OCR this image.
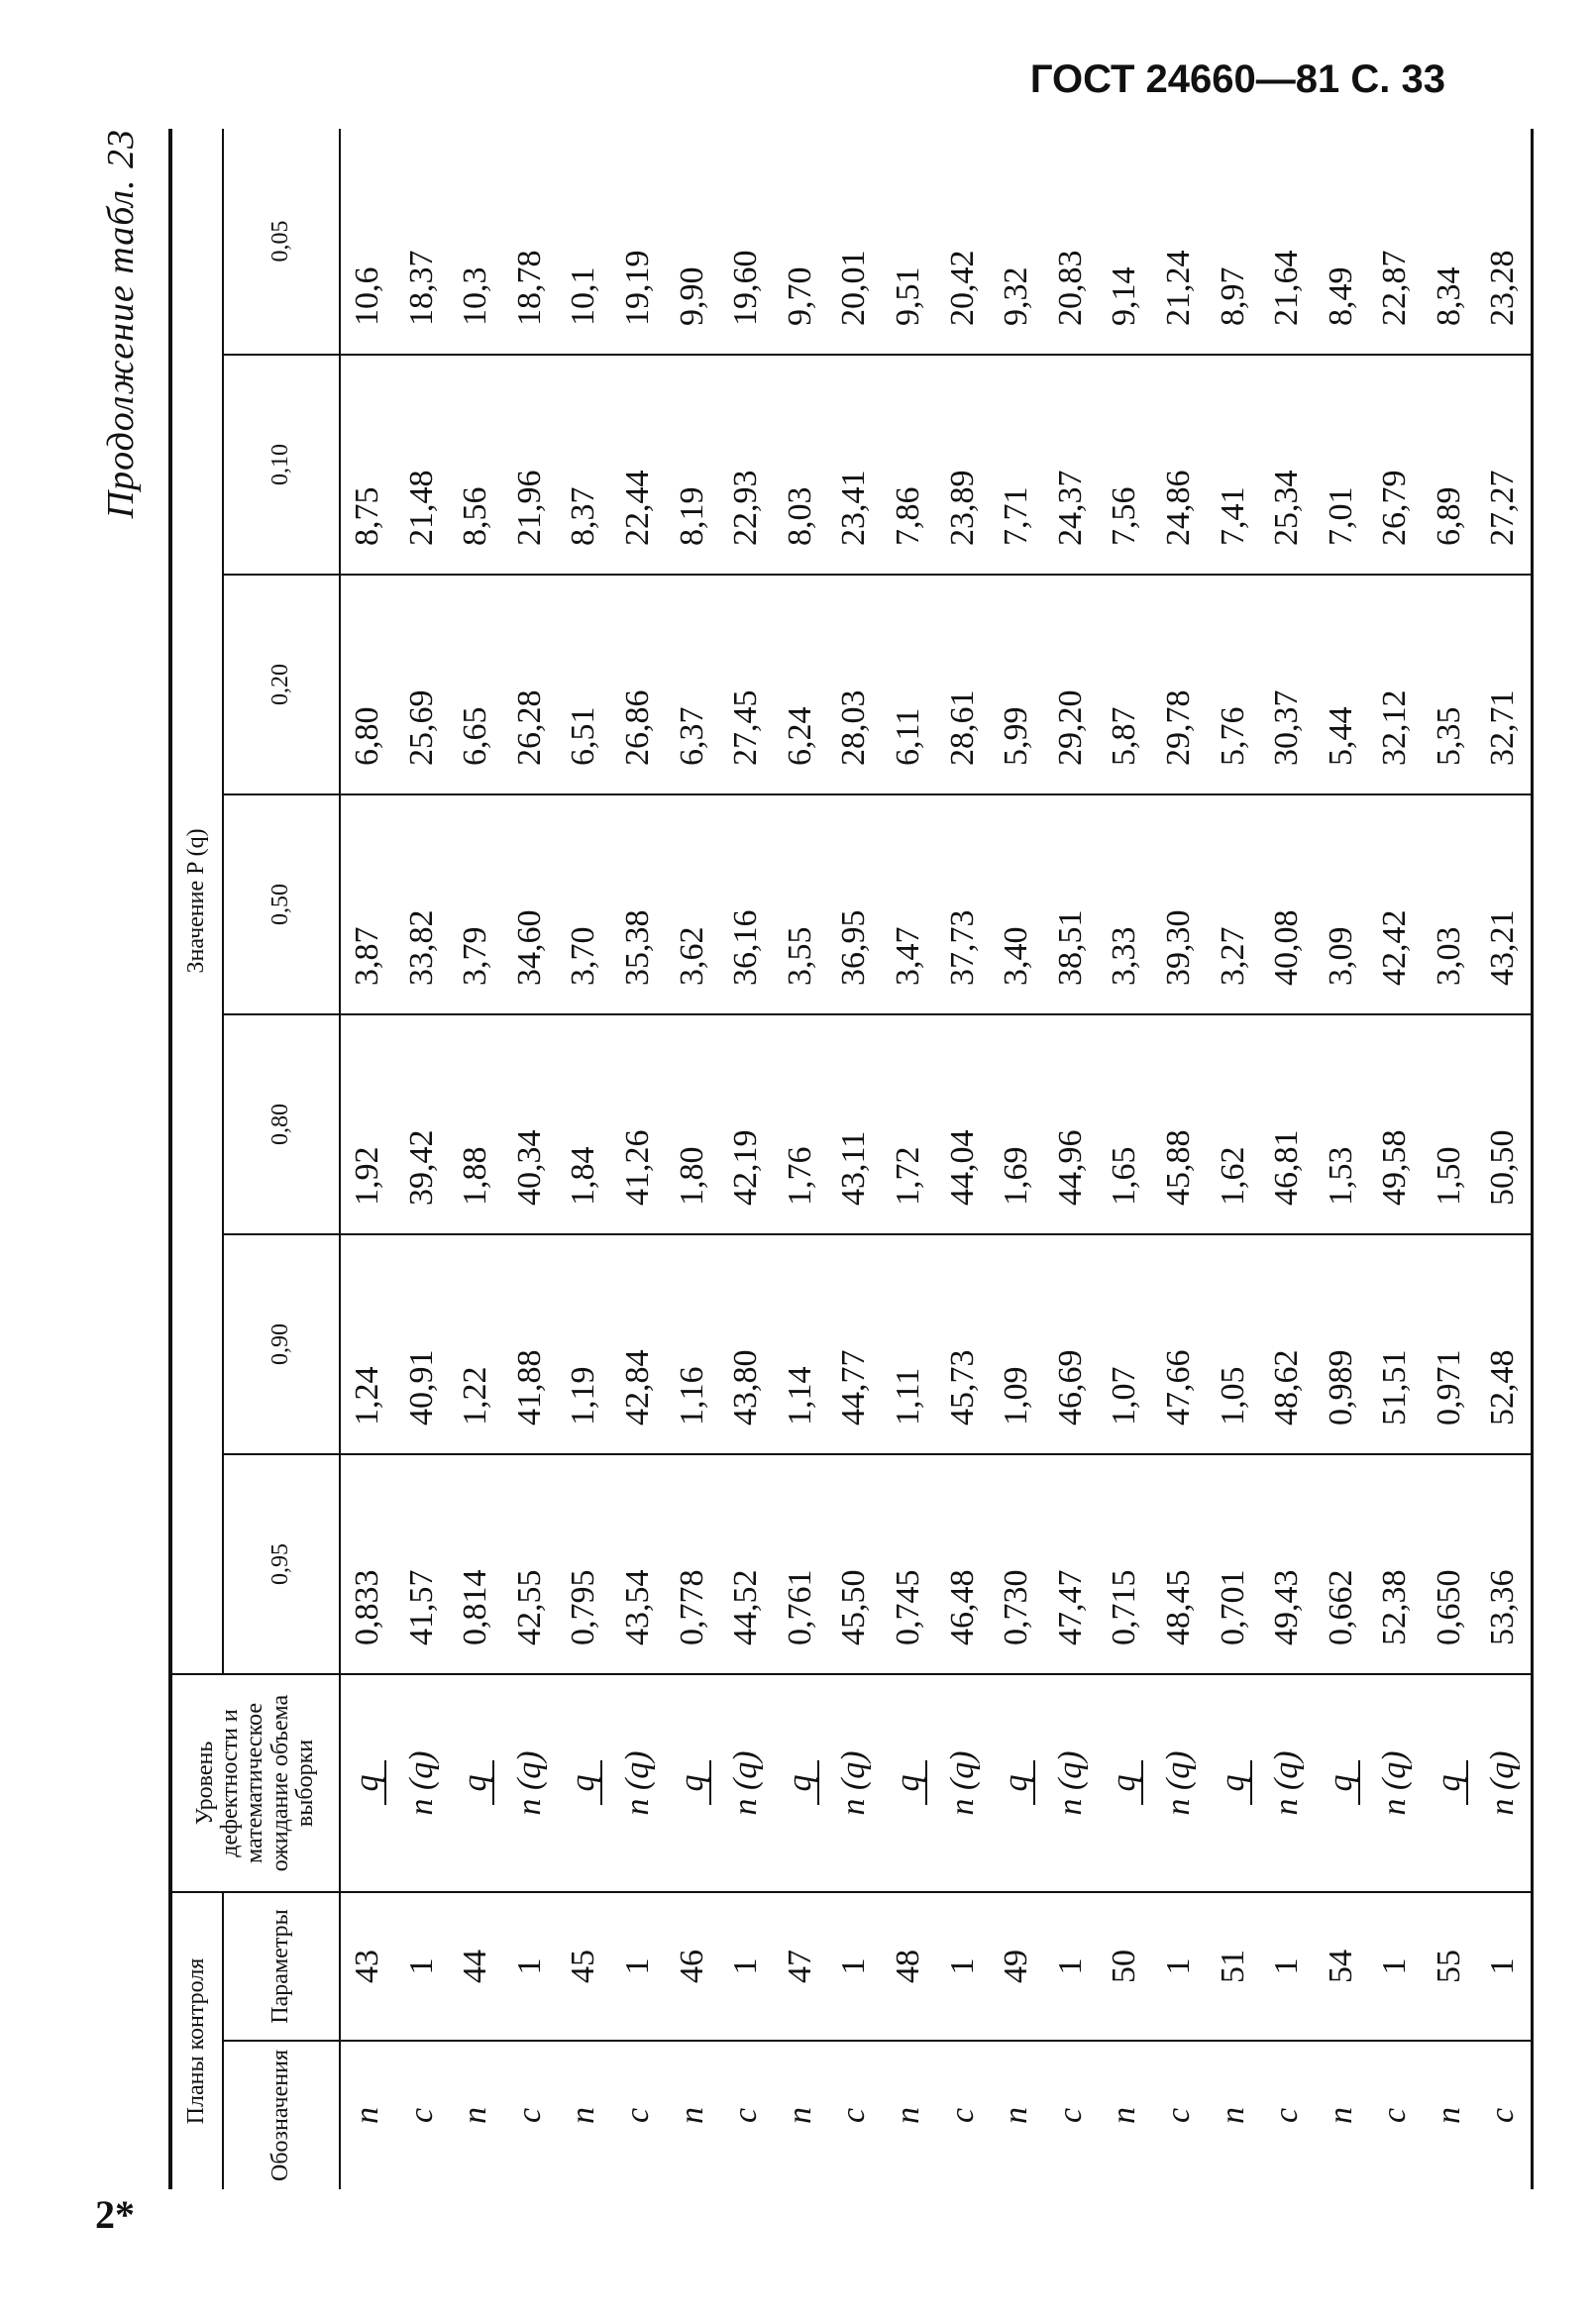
ГОСТ 24660—81 С. 33
2*
Продолжение табл. 23
Планы контроля		Уровень дефектности и математическое ожидание объема выборки	Значение P (q)						
Обозначения	Параметры		0,95	0,90	0,80	0,50	0,20	0,10	0,05
n	43	q	0,833	1,24	1,92	3,87	6,80	8,75	10,6
c	1	n (q)	41,57	40,91	39,42	33,82	25,69	21,48	18,37
n	44	q	0,814	1,22	1,88	3,79	6,65	8,56	10,3
c	1	n (q)	42,55	41,88	40,34	34,60	26,28	21,96	18,78
n	45	q	0,795	1,19	1,84	3,70	6,51	8,37	10,1
c	1	n (q)	43,54	42,84	41,26	35,38	26,86	22,44	19,19
n	46	q	0,778	1,16	1,80	3,62	6,37	8,19	9,90
c	1	n (q)	44,52	43,80	42,19	36,16	27,45	22,93	19,60
n	47	q	0,761	1,14	1,76	3,55	6,24	8,03	9,70
c	1	n (q)	45,50	44,77	43,11	36,95	28,03	23,41	20,01
n	48	q	0,745	1,11	1,72	3,47	6,11	7,86	9,51
c	1	n (q)	46,48	45,73	44,04	37,73	28,61	23,89	20,42
n	49	q	0,730	1,09	1,69	3,40	5,99	7,71	9,32
c	1	n (q)	47,47	46,69	44,96	38,51	29,20	24,37	20,83
n	50	q	0,715	1,07	1,65	3,33	5,87	7,56	9,14
c	1	n (q)	48,45	47,66	45,88	39,30	29,78	24,86	21,24
n	51	q	0,701	1,05	1,62	3,27	5,76	7,41	8,97
c	1	n (q)	49,43	48,62	46,81	40,08	30,37	25,34	21,64
n	54	q	0,662	0,989	1,53	3,09	5,44	7,01	8,49
c	1	n (q)	52,38	51,51	49,58	42,42	32,12	26,79	22,87
n	55	q	0,650	0,971	1,50	3,03	5,35	6,89	8,34
c	1	n (q)	53,36	52,48	50,50	43,21	32,71	27,27	23,28
